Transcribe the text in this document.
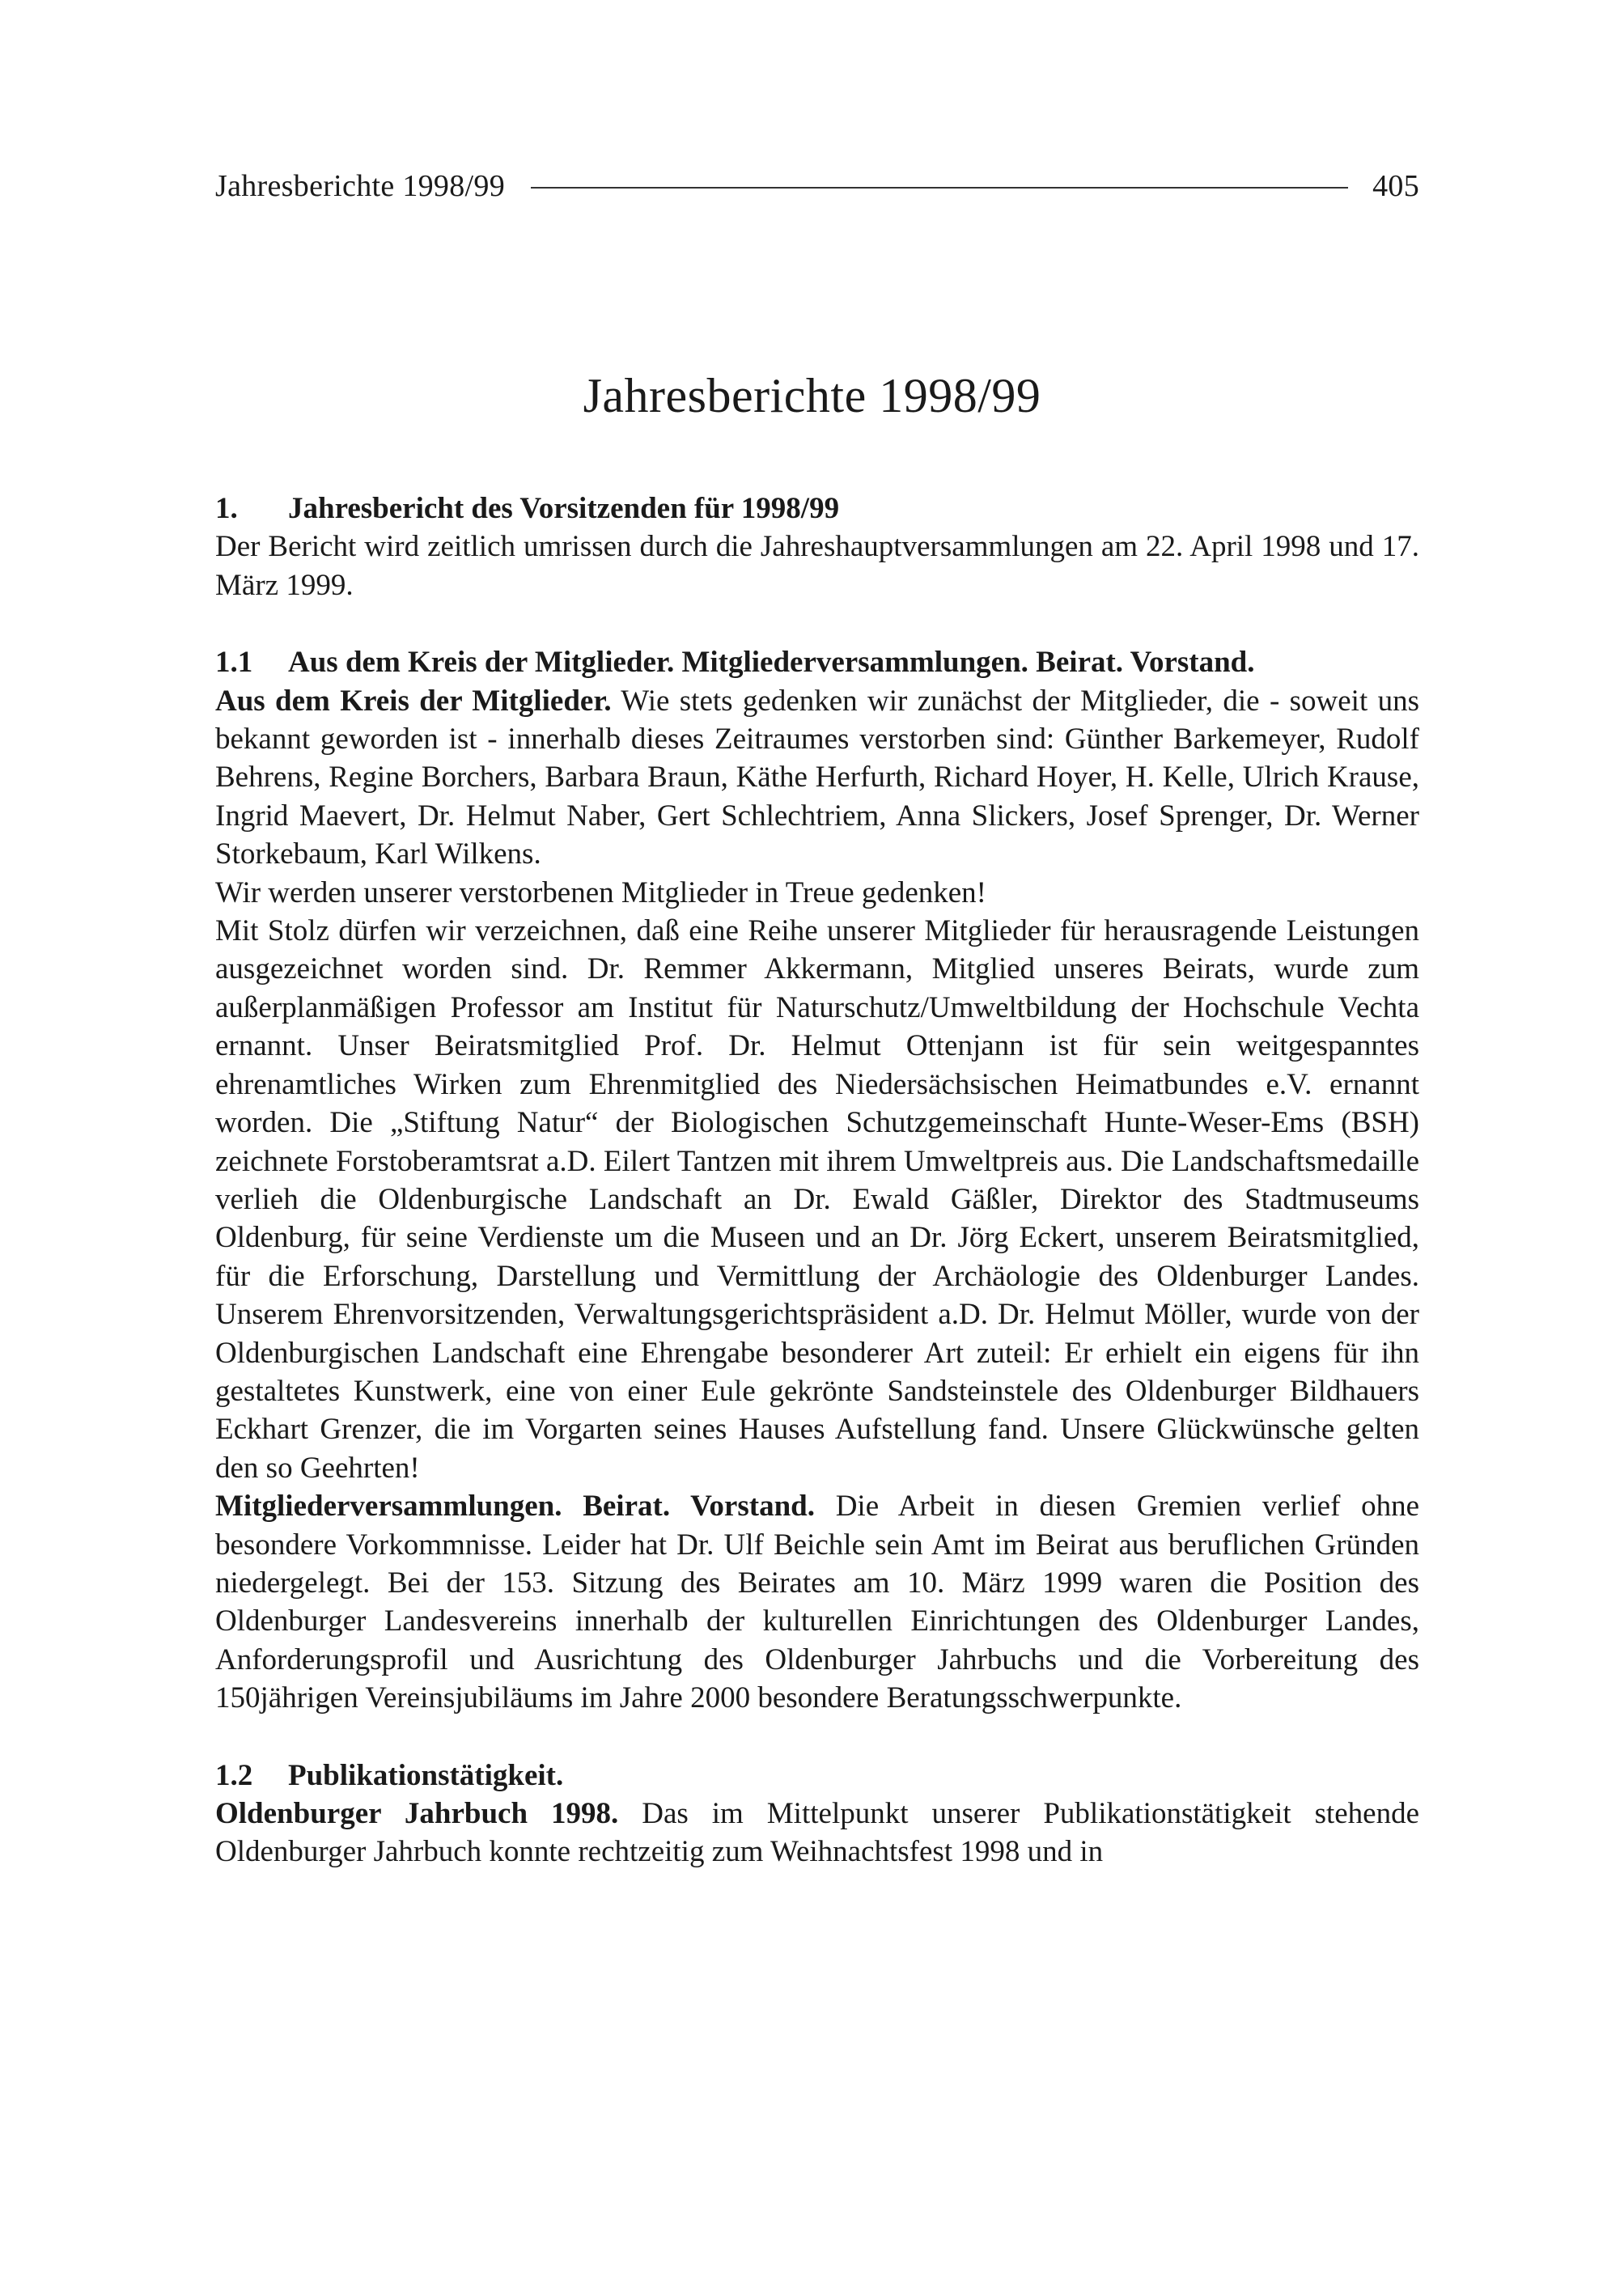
Jahresberichte 1998/99	405
Jahresberichte 1998/99
1.	Jahresbericht des Vorsitzenden für 1998/99

Der Bericht wird zeitlich umrissen durch die Jahreshauptversammlungen am 22. April 1998 und 17. März 1999.

1.1	Aus dem Kreis der Mitglieder. Mitgliederversammlungen. Beirat. Vorstand.

Aus dem Kreis der Mitglieder. Wie stets gedenken wir zunächst der Mitglieder, die - soweit uns bekannt geworden ist - innerhalb dieses Zeitraumes verstorben sind: Günther Barkemeyer, Rudolf Behrens, Regine Borchers, Barbara Braun, Käthe Herfurth, Richard Hoyer, H. Kelle, Ulrich Krause, Ingrid Maevert, Dr. Helmut Naber, Gert Schlechtriem, Anna Slickers, Josef Sprenger, Dr. Werner Storkebaum, Karl Wilkens.

Wir werden unserer verstorbenen Mitglieder in Treue gedenken!

Mit Stolz dürfen wir verzeichnen, daß eine Reihe unserer Mitglieder für herausragende Leistungen ausgezeichnet worden sind. Dr. Remmer Akkermann, Mitglied unseres Beirats, wurde zum außerplanmäßigen Professor am Institut für Naturschutz/Umweltbildung der Hochschule Vechta ernannt. Unser Beiratsmitglied Prof. Dr. Helmut Ottenjann ist für sein weitgespanntes ehrenamtliches Wirken zum Ehrenmitglied des Niedersächsischen Heimatbundes e.V. ernannt worden. Die „Stiftung Natur“ der Biologischen Schutzgemeinschaft Hunte-Weser-Ems (BSH) zeichnete Forstoberamtsrat a.D. Eilert Tantzen mit ihrem Umweltpreis aus. Die Landschaftsmedaille verlieh die Oldenburgische Landschaft an Dr. Ewald Gäßler, Direktor des Stadtmuseums Oldenburg, für seine Verdienste um die Museen und an Dr. Jörg Eckert, unserem Beiratsmitglied, für die Erforschung, Darstellung und Vermittlung der Archäologie des Oldenburger Landes. Unserem Ehrenvorsitzenden, Verwaltungsgerichtspräsident a.D. Dr. Helmut Möller, wurde von der Oldenburgischen Landschaft eine Ehrengabe besonderer Art zuteil: Er erhielt ein eigens für ihn gestaltetes Kunstwerk, eine von einer Eule gekrönte Sandsteinstele des Oldenburger Bildhauers Eckhart Grenzer, die im Vorgarten seines Hauses Aufstellung fand. Unsere Glückwünsche gelten den so Geehrten!

Mitgliederversammlungen. Beirat. Vorstand. Die Arbeit in diesen Gremien verlief ohne besondere Vorkommnisse. Leider hat Dr. Ulf Beichle sein Amt im Beirat aus beruflichen Gründen niedergelegt. Bei der 153. Sitzung des Beirates am 10. März 1999 waren die Position des Oldenburger Landesvereins innerhalb der kulturellen Einrichtungen des Oldenburger Landes, Anforderungsprofil und Ausrichtung des Oldenburger Jahrbuchs und die Vorbereitung des 150jährigen Vereinsjubiläums im Jahre 2000 besondere Beratungsschwerpunkte.

1.2	Publikationstätigkeit.

Oldenburger Jahrbuch 1998. Das im Mittelpunkt unserer Publikationstätigkeit stehende Oldenburger Jahrbuch konnte rechtzeitig zum Weihnachtsfest 1998 und in
